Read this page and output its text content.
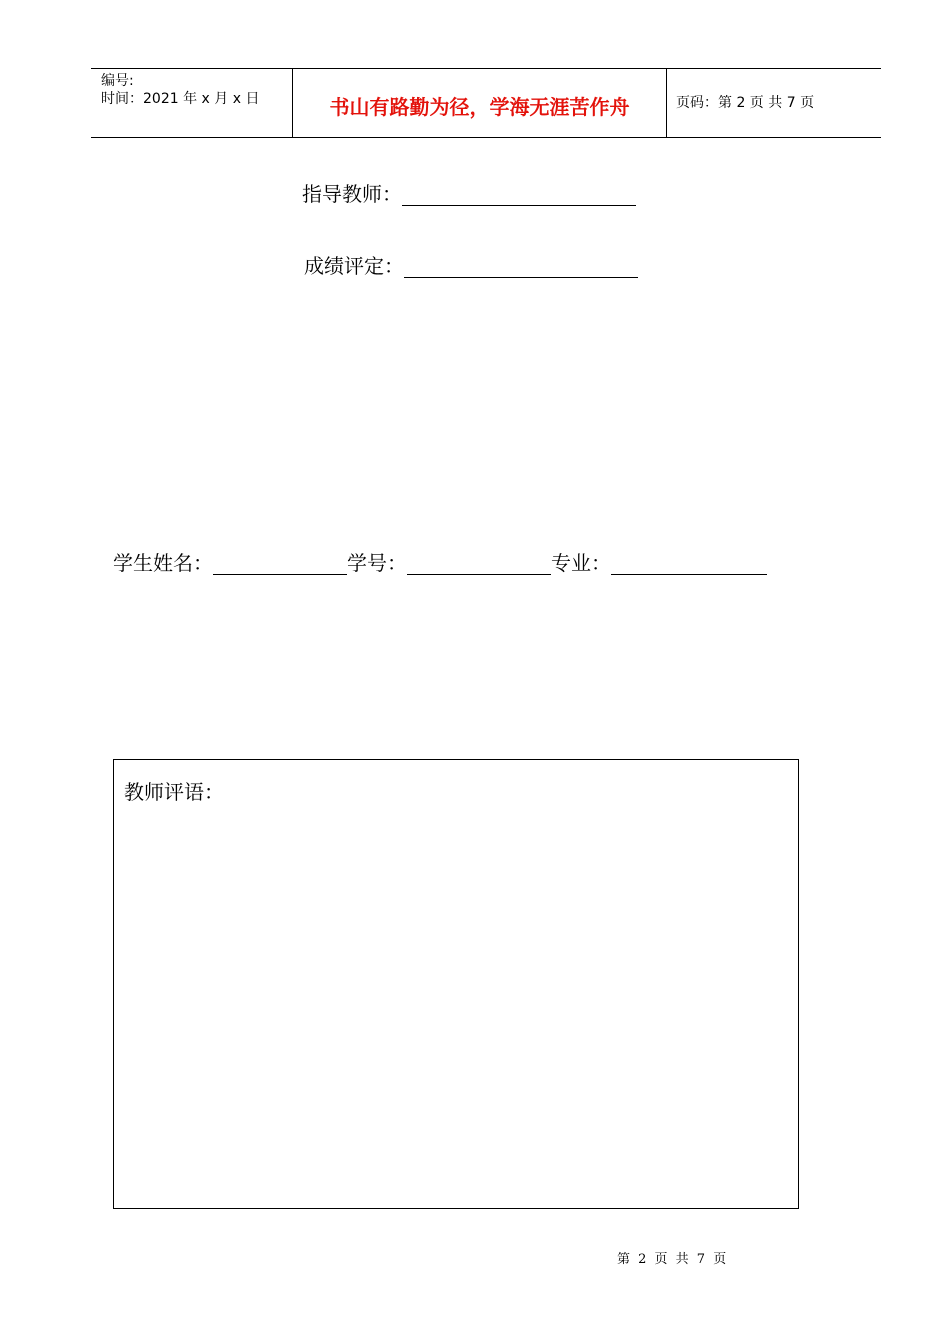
编号:
时间：2021 年 x 月 x 日	书山有路勤为径，学海无涯苦作舟	页码：第 2 页 共 7 页
指导教师：
成绩评定：
学生姓名：	学号：	专业：
教师评语：
第 2 页 共 7 页
